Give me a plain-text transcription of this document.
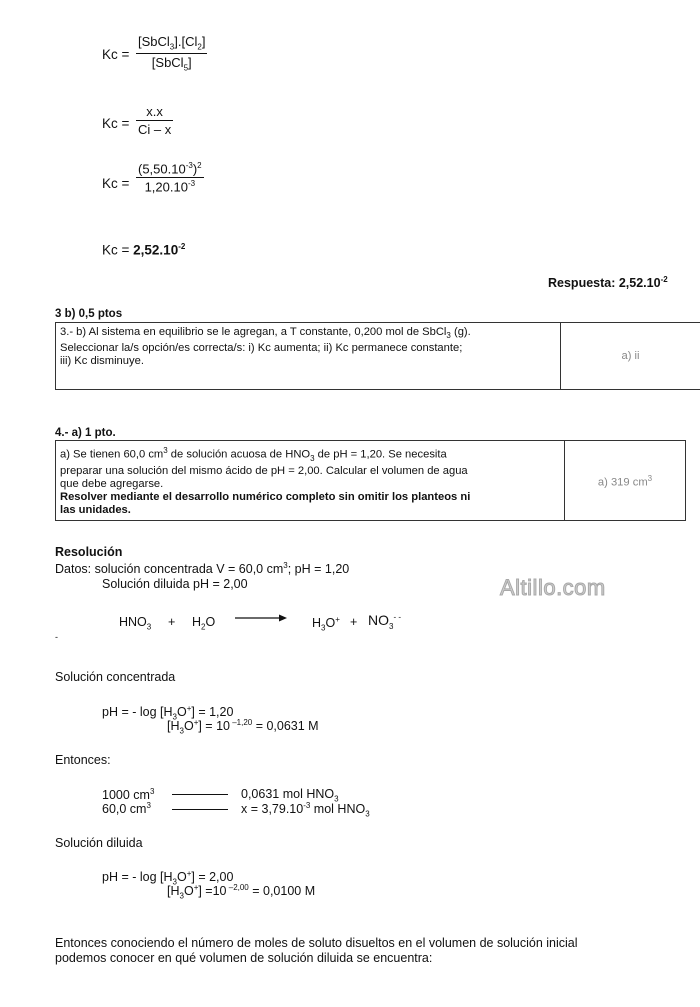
Kc =
$[SbCl_3].[Cl_2]$
[SbCl$_5$]
Kc =
x.x
Ci – x
Kc =
$(5,50.10^{-3})^2$
$1,20.10^{-3}$
$Kc = 2,52.10^{-2}$
Respuesta: $2,52.10^{-2}$
3 b) 0,5 ptos
3.- b) Al sistema en equilibrio se le agregan, a T constante, 0,200 mol de SbCl$_3$ (g).
Seleccionar la/s opción/es correcta/s: i) Kc aumenta; ii) Kc permanece constante;
iii) Kc disminuye.	a) ii
4.- a) 1 pto.
a) Se tienen 60,0 $cm^3$ de solución acuosa de $HNO_3$ de pH = 1,20. Se necesita
preparar una solución del mismo ácido de pH = 2,00. Calcular el volumen de agua
que debe agregarse.
Resolver mediante el desarrollo numérico completo sin omitir los planteos ni
las unidades.
	a) 319 $cm^3$
Resolución
Datos: solución concentrada V = 60,0 $cm^3$; pH = 1,20
Solución diluida pH = 2,00	Altillo.com
$HNO_3 + H_2O$	$H_3O^+ + NO_3^{- -}$
-
Solución concentrada
pH = - $\log [H_3O^+] = 1,20$
$[H_3O^+] = 10$ $^{-1,20}$ = 0,0631 M
Entonces:
1000 $cm^3$	0,0631 mol $HNO_3$
60,0 $cm^3$	$x = 3,79.10^{-3}$ mol $HNO_3$
Solución diluida
pH = - $\log [H_3O^+] = 2,00$
$[H_3O^+] =10$ $^{-2,00}$ = 0,0100 M
Entonces conociendo el número de moles de soluto disueltos en el volumen de solución inicial
podemos conocer en qué volumen de solución diluida se encuentra:
